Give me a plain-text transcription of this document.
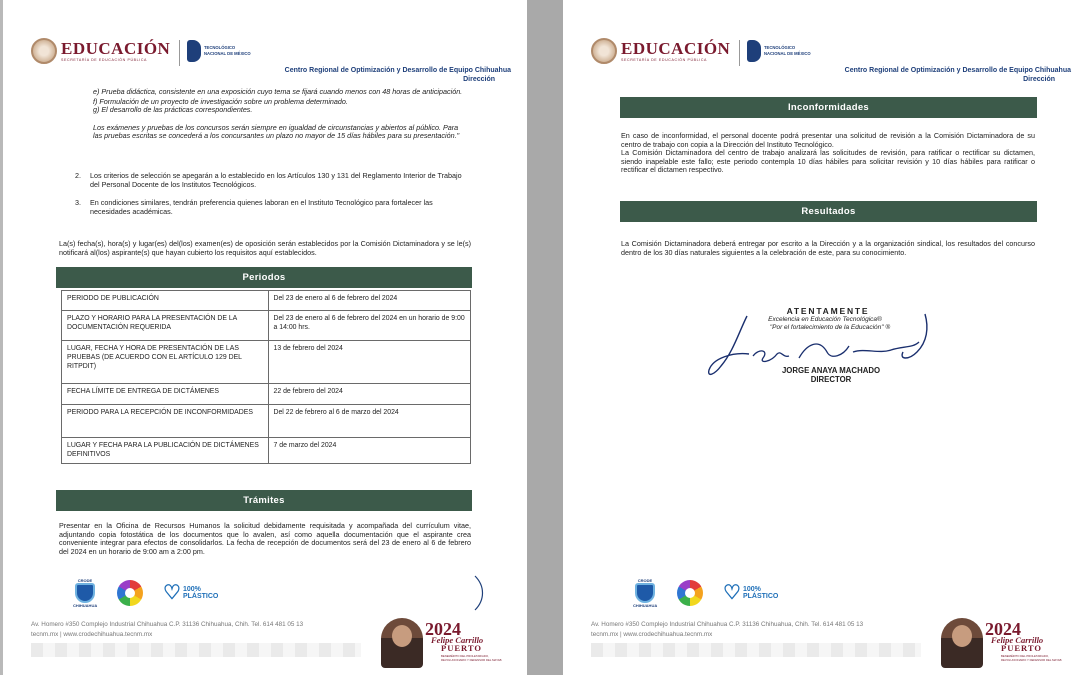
EDUCACIÓN
SECRETARÍA DE EDUCACIÓN PÚBLICA
TECNOLÓGICO
NACIONAL DE MÉXICO
Centro Regional de Optimización y Desarrollo de Equipo Chihuahua
Dirección

e) Prueba didáctica, consistente en una exposición cuyo tema se fijará cuando menos con 48 horas de anticipación.

f) Formulación de un proyecto de investigación sobre un problema determinado.

g) El desarrollo de las prácticas correspondientes.

Los exámenes y pruebas de los concursos serán siempre en igualdad de circunstancias y abiertos al público. Para las pruebas escritas se concederá a los concursantes un plazo no mayor de 15 días hábiles para su presentación."

2.	Los criterios de selección se apegarán a lo establecido en los Artículos 130 y 131 del Reglamento Interior de Trabajo del Personal Docente de los Institutos Tecnológicos.
3.	En condiciones similares, tendrán preferencia quienes laboran en el Instituto Tecnológico para fortalecer las necesidades académicas.

La(s) fecha(s), hora(s) y lugar(es) del(los) examen(es) de oposición serán establecidos por la Comisión Dictaminadora y se le(s) notificará al(los) aspirante(s) que hayan cubierto los requisitos aquí establecidos.

Periodos
PERIODO DE PUBLICACIÓN	Del 23 de enero al 6 de febrero del 2024
PLAZO Y HORARIO PARA LA PRESENTACIÓN DE LA DOCUMENTACIÓN REQUERIDA	Del 23 de enero al 6 de febrero del 2024 en un horario de 9:00 a 14:00 hrs.
LUGAR, FECHA Y HORA DE PRESENTACIÓN DE LAS PRUEBAS (DE ACUERDO CON EL ARTÍCULO 129 DEL RITPDIT)	13 de febrero del 2024
FECHA LÍMITE DE ENTREGA DE DICTÁMENES	22 de febrero del 2024
PERIODO PARA LA RECEPCIÓN DE INCONFORMIDADES	Del 22 de febrero al 6 de marzo del 2024
LUGAR Y FECHA PARA LA PUBLICACIÓN DE DICTÁMENES DEFINITIVOS	7 de marzo del 2024
Trámites

Presentar en la Oficina de Recursos Humanos la solicitud debidamente requisitada y acompañada del currículum vitae, adjuntando copia fotostática de los documentos que lo avalen, así como aquella documentación que el aspirante crea conveniente integrar para efectos de consolidarlos. La fecha de recepción de documentos será del 23 de enero al 6 de febrero del 2024 en un horario de 9:00 am a 2:00 pm.

CRODE
CHIHUAHUA
♡ 100%
PLÁSTICO
Av. Homero #350 Complejo Industrial Chihuahua C.P. 31136 Chihuahua, Chih. Tel. 614 481 05 13
tecnm.mx | www.crodechihuahua.tecnm.mx	2024
Felipe Carrillo
PUERTO
BENEMÉRITO DEL PROLETARIADO, REVOLUCIONARIO Y DEFENSOR DEL MAYAB
EDUCACIÓN
SECRETARÍA DE EDUCACIÓN PÚBLICA
TECNOLÓGICO
NACIONAL DE MÉXICO
Centro Regional de Optimización y Desarrollo de Equipo Chihuahua
Dirección
Inconformidades

En caso de inconformidad, el personal docente podrá presentar una solicitud de revisión a la Comisión Dictaminadora de su centro de trabajo con copia a la Dirección del Instituto Tecnológico.

La Comisión Dictaminadora del centro de trabajo analizará las solicitudes de revisión, para ratificar o rectificar su dictamen, siendo inapelable este fallo; este periodo contempla 10 días hábiles para solicitar revisión y 10 días hábiles para ratificar o rectificar el dictamen respectivo.

Resultados

La Comisión Dictaminadora deberá entregar por escrito a la Dirección y a la organización sindical, los resultados del concurso dentro de los 30 días naturales siguientes a la celebración de este, para su conocimiento.

ATENTAMENTE
Excelencia en Educación Tecnológica®
"Por el fortalecimiento de la Educación" ®
JORGE ANAYA MACHADO
DIRECTOR
CRODE
CHIHUAHUA
♡ 100%
PLÁSTICO
Av. Homero #350 Complejo Industrial Chihuahua C.P. 31136 Chihuahua, Chih. Tel. 614 481 05 13
tecnm.mx | www.crodechihuahua.tecnm.mx	2024
Felipe Carrillo
PUERTO
BENEMÉRITO DEL PROLETARIADO, REVOLUCIONARIO Y DEFENSOR DEL MAYAB
